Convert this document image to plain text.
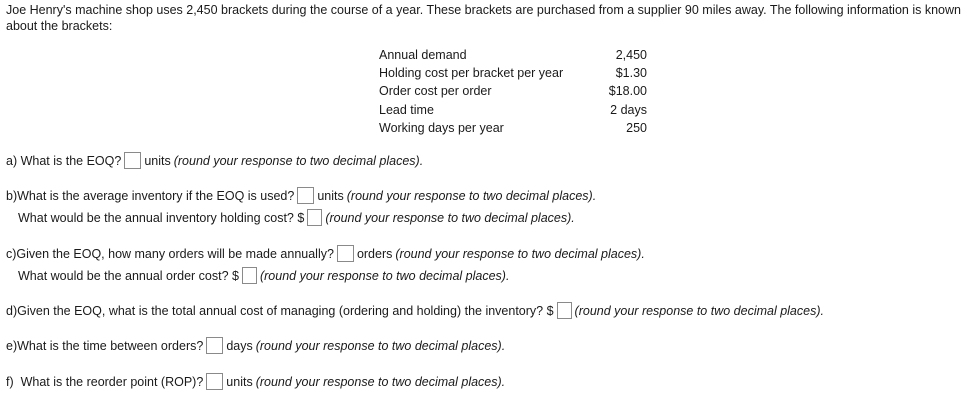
Joe Henry's machine shop uses 2,450 brackets during the course of a year. These brackets are purchased from a supplier 90 miles away. The following information is known about the brackets:
Annual demand	2,450
Holding cost per bracket per year	$1.30
Order cost per order	$18.00
Lead time	2 days
Working days per year	250
a) What is the EOQ? units (round your response to two decimal places).
b)What is the average inventory if the EOQ is used? units (round your response to two decimal places).
What would be the annual inventory holding cost? $ (round your response to two decimal places).
c)Given the EOQ, how many orders will be made annually? orders (round your response to two decimal places).
What would be the annual order cost? $ (round your response to two decimal places).
d)Given the EOQ, what is the total annual cost of managing (ordering and holding) the inventory? $ (round your response to two decimal places).
e)What is the time between orders? days (round your response to two decimal places).
f)  What is the reorder point (ROP)? units (round your response to two decimal places).
